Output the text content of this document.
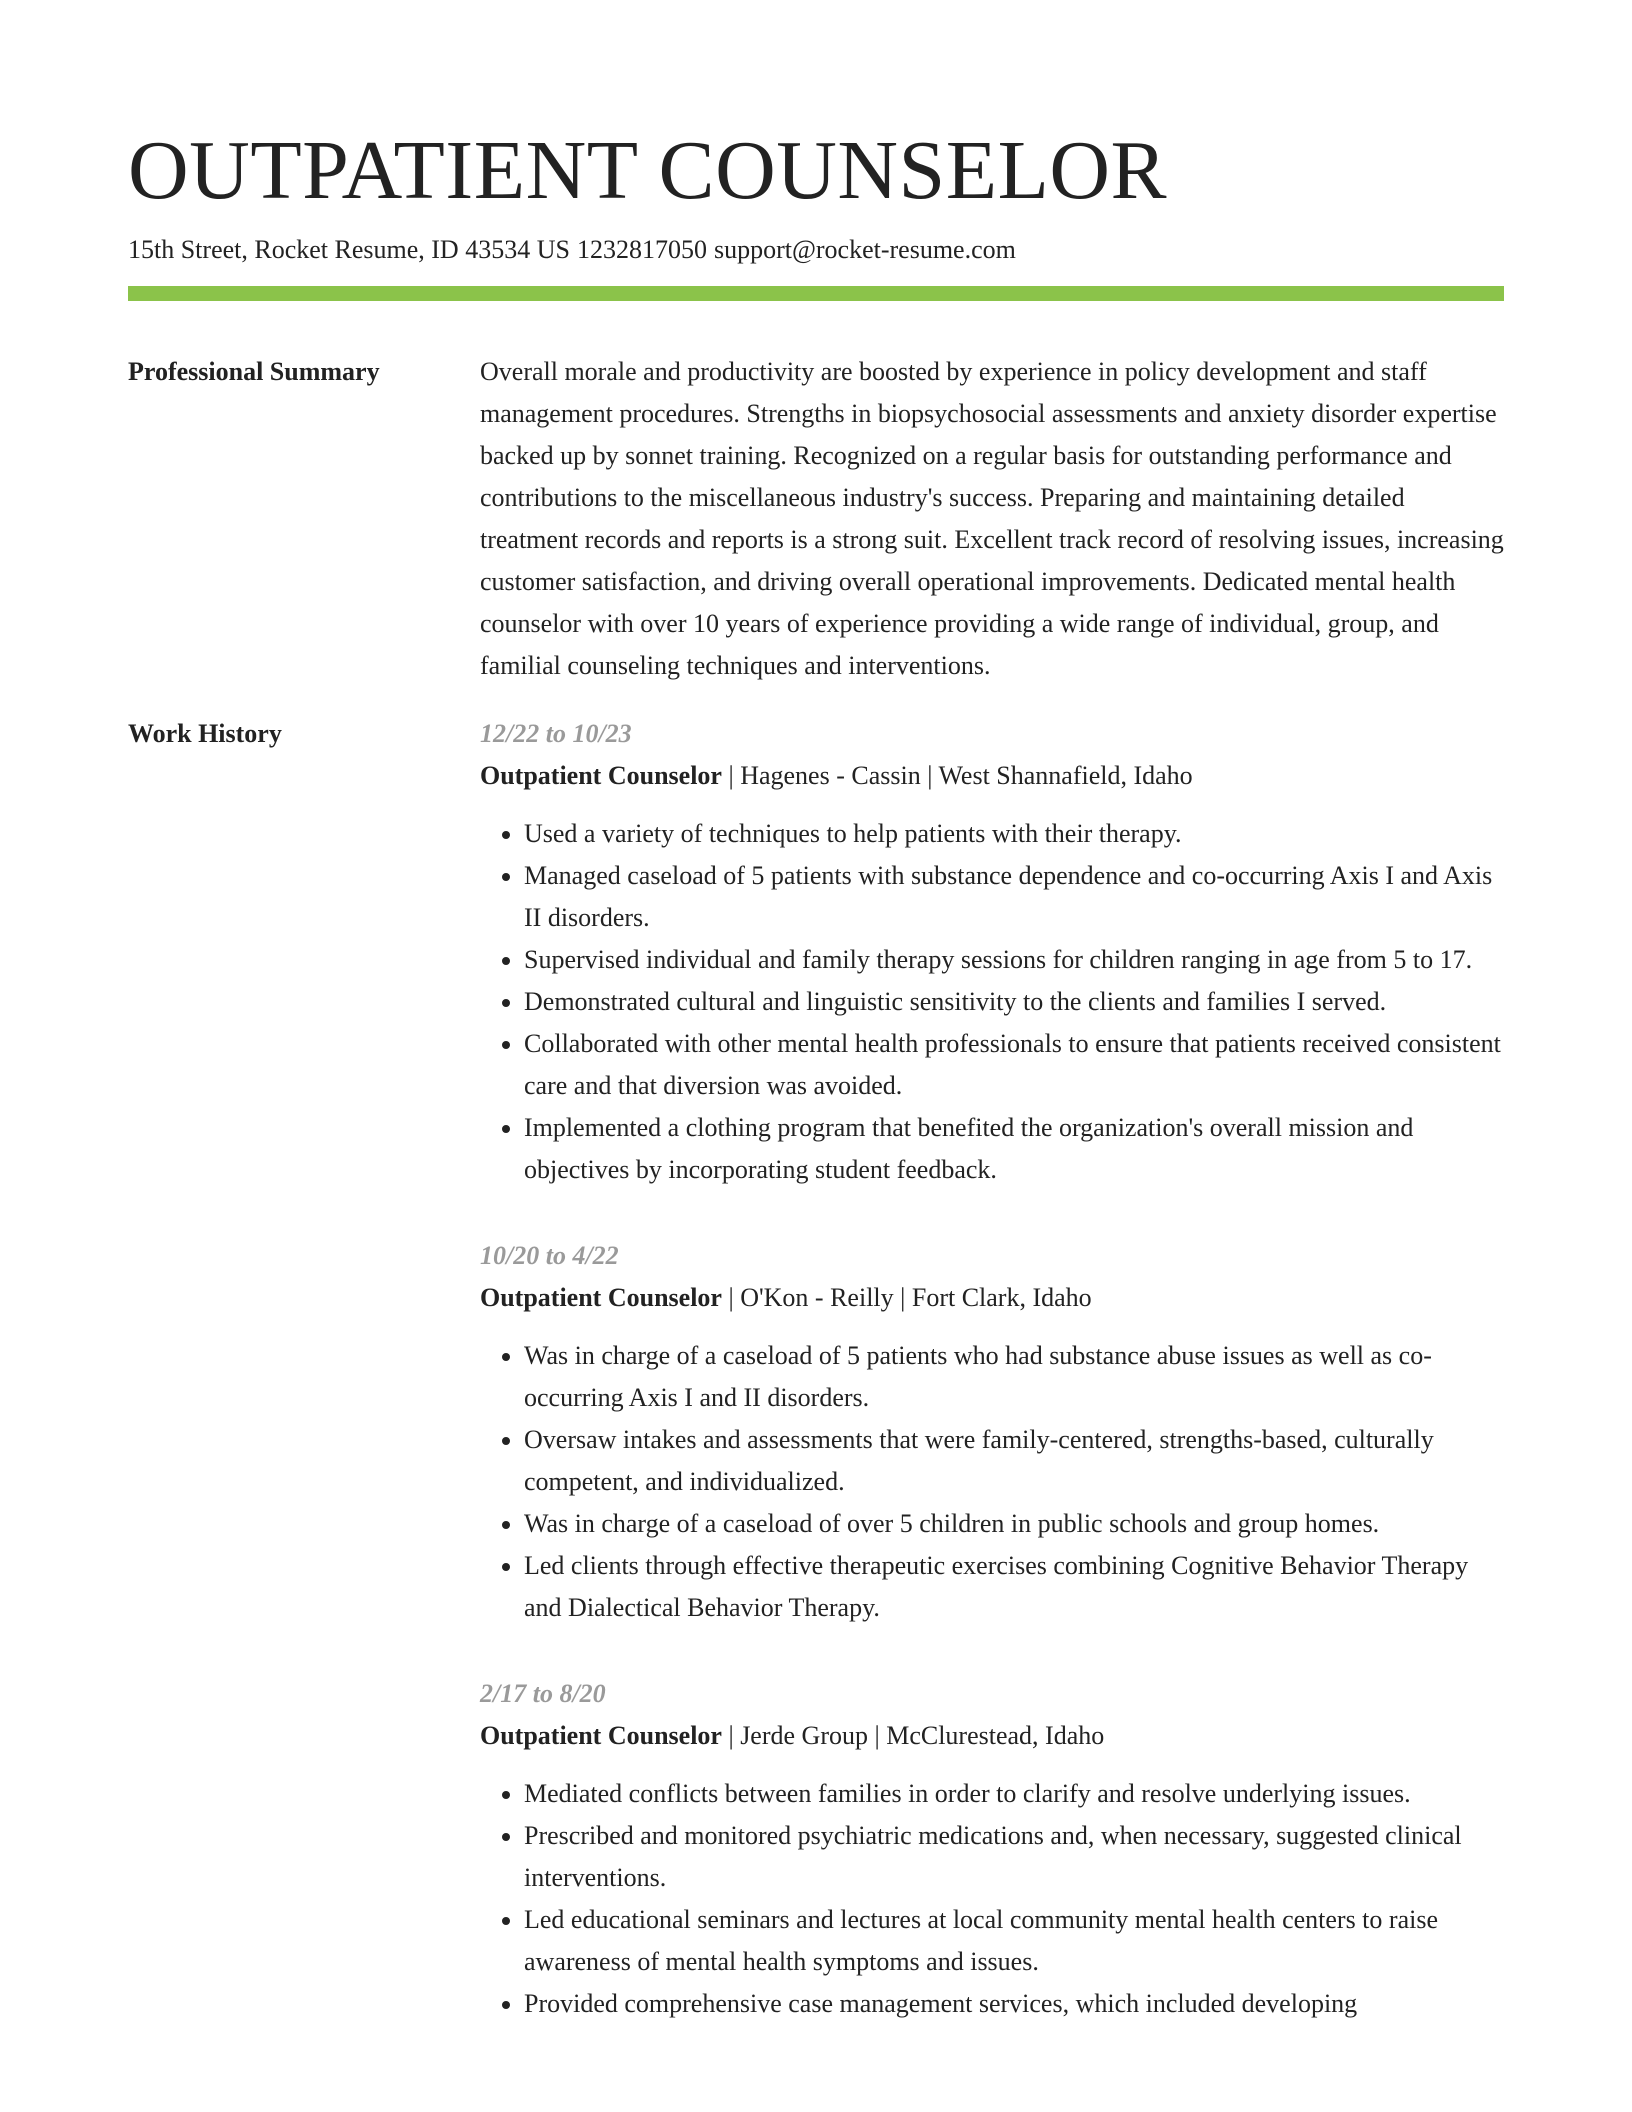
OUTPATIENT COUNSELOR
15th Street, Rocket Resume, ID 43534 US 1232817050 support@rocket-resume.com
Professional Summary	Overall morale and productivity are boosted by experience in policy development and staff management procedures. Strengths in biopsychosocial assessments and anxiety disorder expertise backed up by sonnet training. Recognized on a regular basis for outstanding performance and contributions to the miscellaneous industry's success. Preparing and maintaining detailed treatment records and reports is a strong suit. Excellent track record of resolving issues, increasing customer satisfaction, and driving overall operational improvements. Dedicated mental health counselor with over 10 years of experience providing a wide range of individual, group, and familial counseling techniques and interventions.

Work History	12/22 to 10/23
Outpatient Counselor | Hagenes - Cassin | West Shannafield, Idaho
• Used a variety of techniques to help patients with their therapy.
• Managed caseload of 5 patients with substance dependence and co-occurring Axis I and Axis II disorders.
• Supervised individual and family therapy sessions for children ranging in age from 5 to 17.
• Demonstrated cultural and linguistic sensitivity to the clients and families I served.
• Collaborated with other mental health professionals to ensure that patients received consistent care and that diversion was avoided.
• Implemented a clothing program that benefited the organization's overall mission and objectives by incorporating student feedback.
10/20 to 4/22
Outpatient Counselor | O'Kon - Reilly | Fort Clark, Idaho
• Was in charge of a caseload of 5 patients who had substance abuse issues as well as co-occurring Axis I and II disorders.
• Oversaw intakes and assessments that were family-centered, strengths-based, culturally competent, and individualized.
• Was in charge of a caseload of over 5 children in public schools and group homes.
• Led clients through effective therapeutic exercises combining Cognitive Behavior Therapy and Dialectical Behavior Therapy.
2/17 to 8/20
Outpatient Counselor | Jerde Group | McClurestead, Idaho
• Mediated conflicts between families in order to clarify and resolve underlying issues.
• Prescribed and monitored psychiatric medications and, when necessary, suggested clinical interventions.
• Led educational seminars and lectures at local community mental health centers to raise awareness of mental health symptoms and issues.
• Provided comprehensive case management services, which included developing
